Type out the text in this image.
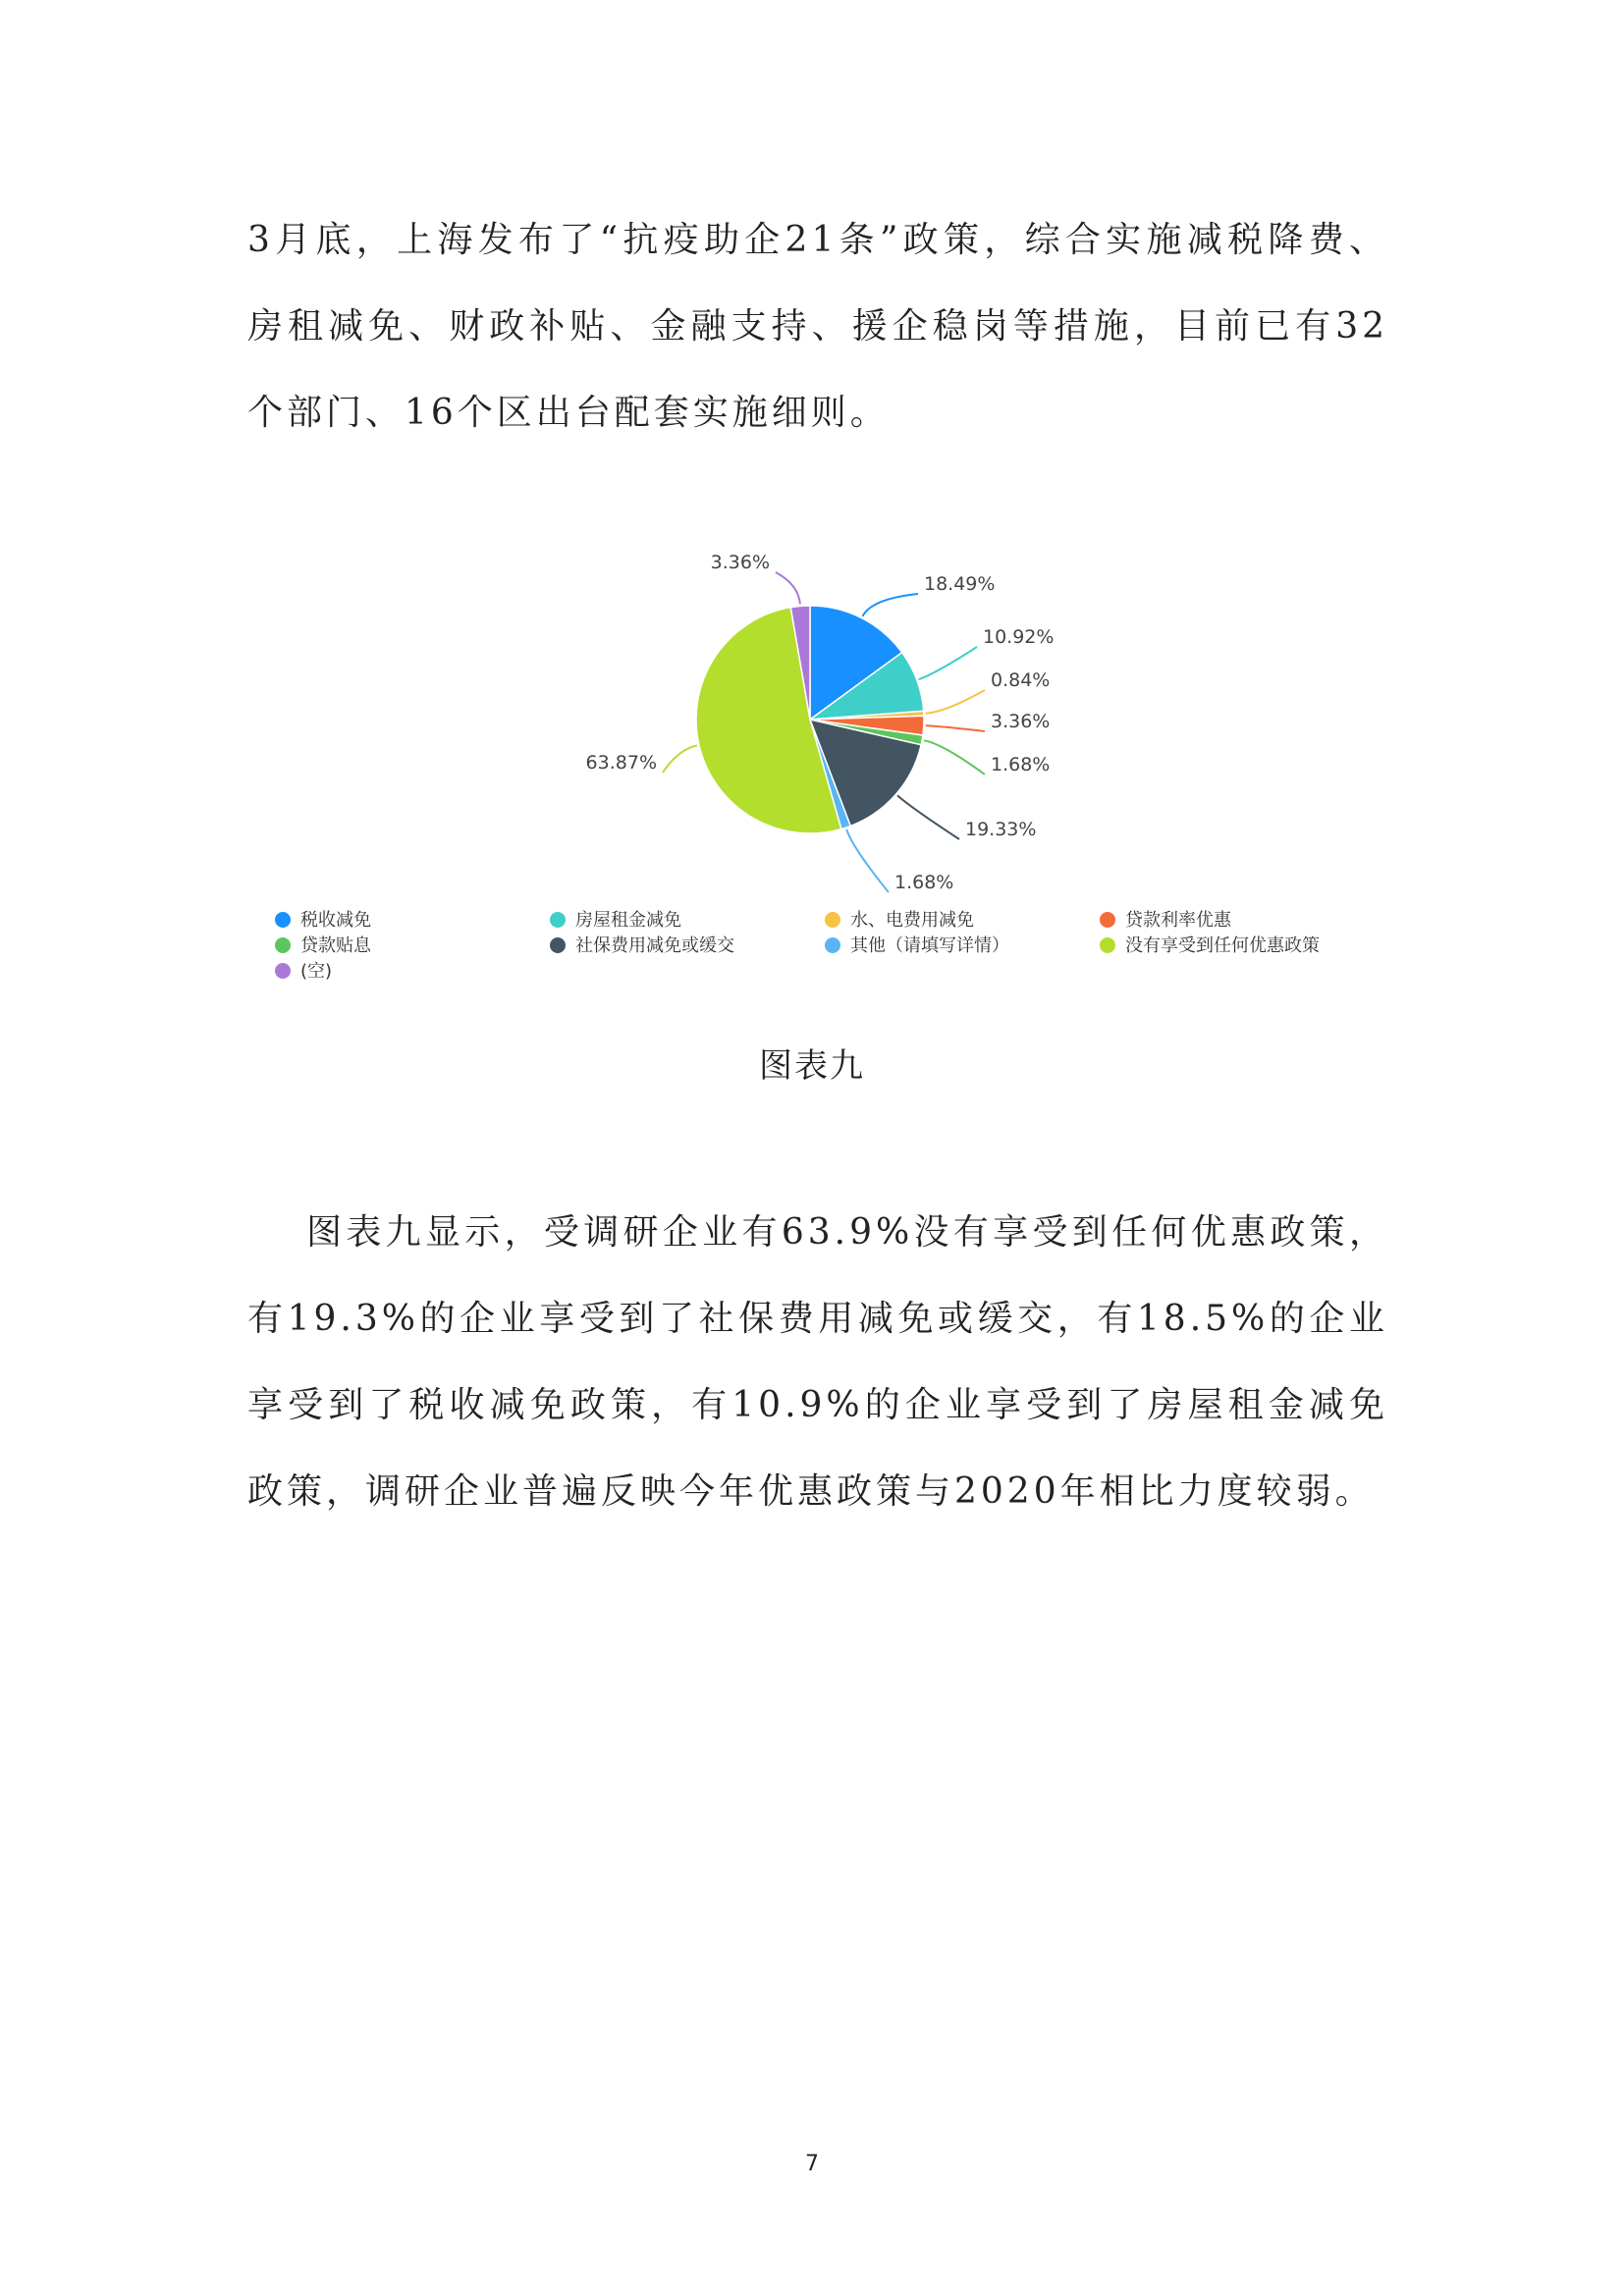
3月底，上海发布了“抗疫助企21条”政策，综合实施减税降费、房租减免、财政补贴、金融支持、援企稳岗等措施，目前已有32个部门、16个区出台配套实施细则。

18.49%
10.92%
0.84%
3.36%
1.68%
19.33%
1.68%
63.87%
3.36%
税收减免	房屋租金减免	水、电费用减免	贷款利率优惠
贷款贴息	社保费用减免或缓交	其他（请填写详情）	没有享受到任何优惠政策
(空)
图表九

图表九显示，受调研企业有63.9%没有享受到任何优惠政策，有19.3%的企业享受到了社保费用减免或缓交，有18.5%的企业享受到了税收减免政策，有10.9%的企业享受到了房屋租金减免政策，调研企业普遍反映今年优惠政策与2020年相比力度较弱。

7
